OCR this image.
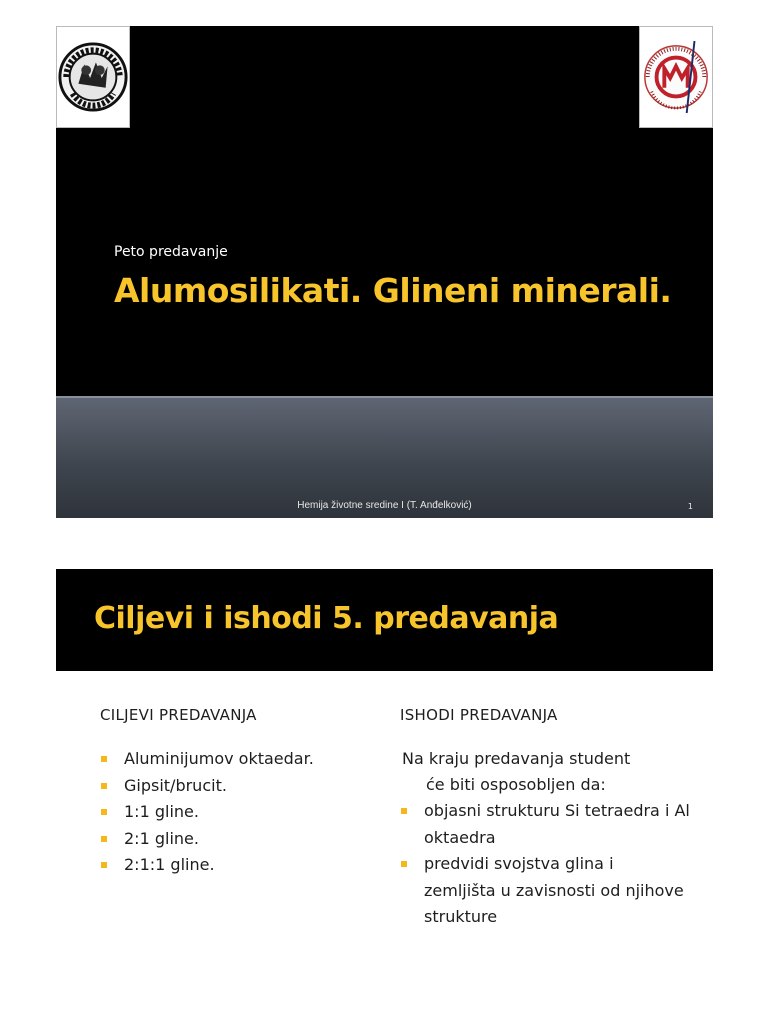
Peto predavanje
Alumosilikati. Glineni minerali.
Hemija životne sredine I (T. Anđelković)	1
Ciljevi i ishodi 5. predavanja
CILJEVI PREDAVANJA
Aluminijumov oktaedar.
Gipsit/brucit.
1:1 gline.
2:1 gline.
2:1:1 gline.
ISHODI PREDAVANJA
Na kraju predavanja student
će biti osposobljen da:
objasni strukturu Si tetraedra i Al oktaedra
predvidi svojstva glina i zemljišta u zavisnosti od njihove strukture
